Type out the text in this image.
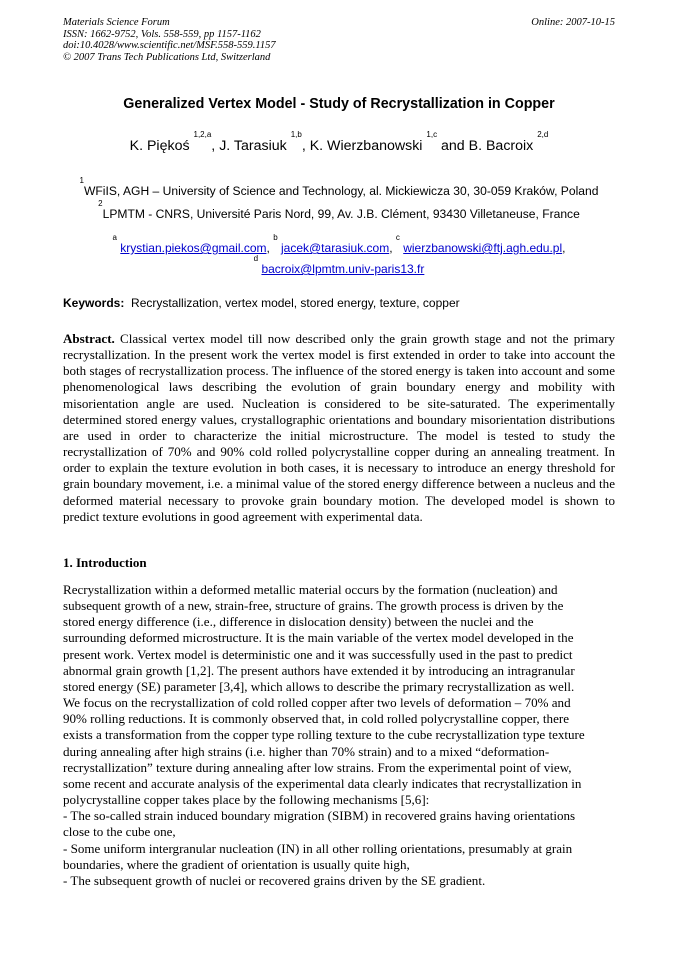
Materials Science Forum
ISSN: 1662-9752, Vols. 558-559, pp 1157-1162
doi:10.4028/www.scientific.net/MSF.558-559.1157
© 2007 Trans Tech Publications Ltd, Switzerland
Online: 2007-10-15
Generalized Vertex Model - Study of Recrystallization in Copper
K. Piękoś $^{1,2,a}$, J. Tarasiuk $^{1,b}$, K. Wierzbanowski $^{1,c}$ and B. Bacroix $^{2,d}$
$^1$WFiIS, AGH – University of Science and Technology, al. Mickiewicza 30, 30-059 Kraków, Poland
$^2$LPMTM - CNRS, Université Paris Nord, 99, Av. J.B. Clément, 93430 Villetaneuse, France
$^a$ krystian.piekos@gmail.com, $^b$ jacek@tarasiuk.com, $^c$ wierzbanowski@ftj.agh.edu.pl,
$^d$ bacroix@lpmtm.univ-paris13.fr
Keywords: Recrystallization, vertex model, stored energy, texture, copper
Abstract. Classical vertex model till now described only the grain growth stage and not the primary recrystallization. In the present work the vertex model is first extended in order to take into account the both stages of recrystallization process. The influence of the stored energy is taken into account and some phenomenological laws describing the evolution of grain boundary energy and mobility with misorientation angle are used. Nucleation is considered to be site-saturated. The experimentally determined stored energy values, crystallographic orientations and boundary misorientation distributions are used in order to characterize the initial microstructure. The model is tested to study the recrystallization of 70% and 90% cold rolled polycrystalline copper during an annealing treatment. In order to explain the texture evolution in both cases, it is necessary to introduce an energy threshold for grain boundary movement, i.e. a minimal value of the stored energy difference between a nucleus and the deformed material necessary to provoke grain boundary motion. The developed model is shown to predict texture evolutions in good agreement with experimental data.
1. Introduction
Recrystallization within a deformed metallic material occurs by the formation (nucleation) and
subsequent growth of a new, strain-free, structure of grains. The growth process is driven by the
stored energy difference (i.e., difference in dislocation density) between the nuclei and the
surrounding deformed microstructure. It is the main variable of the vertex model developed in the
present work. Vertex model is deterministic one and it was successfully used in the past to predict
abnormal grain growth [1,2]. The present authors have extended it by introducing an intragranular
stored energy (SE) parameter [3,4], which allows to describe the primary recrystallization as well.
We focus on the recrystallization of cold rolled copper after two levels of deformation – 70% and
90% rolling reductions. It is commonly observed that, in cold rolled polycrystalline copper, there
exists a transformation from the copper type rolling texture to the cube recrystallization type texture
during annealing after high strains (i.e. higher than 70% strain) and to a mixed “deformation-
recrystallization” texture during annealing after low strains. From the experimental point of view,
some recent and accurate analysis of the experimental data clearly indicates that recrystallization in
polycrystalline copper takes place by the following mechanisms [5,6]:
- The so-called strain induced boundary migration (SIBM) in recovered grains having orientations
close to the cube one,
- Some uniform intergranular nucleation (IN) in all other rolling orientations, presumably at grain
boundaries, where the gradient of orientation is usually quite high,
- The subsequent growth of nuclei or recovered grains driven by the SE gradient.
